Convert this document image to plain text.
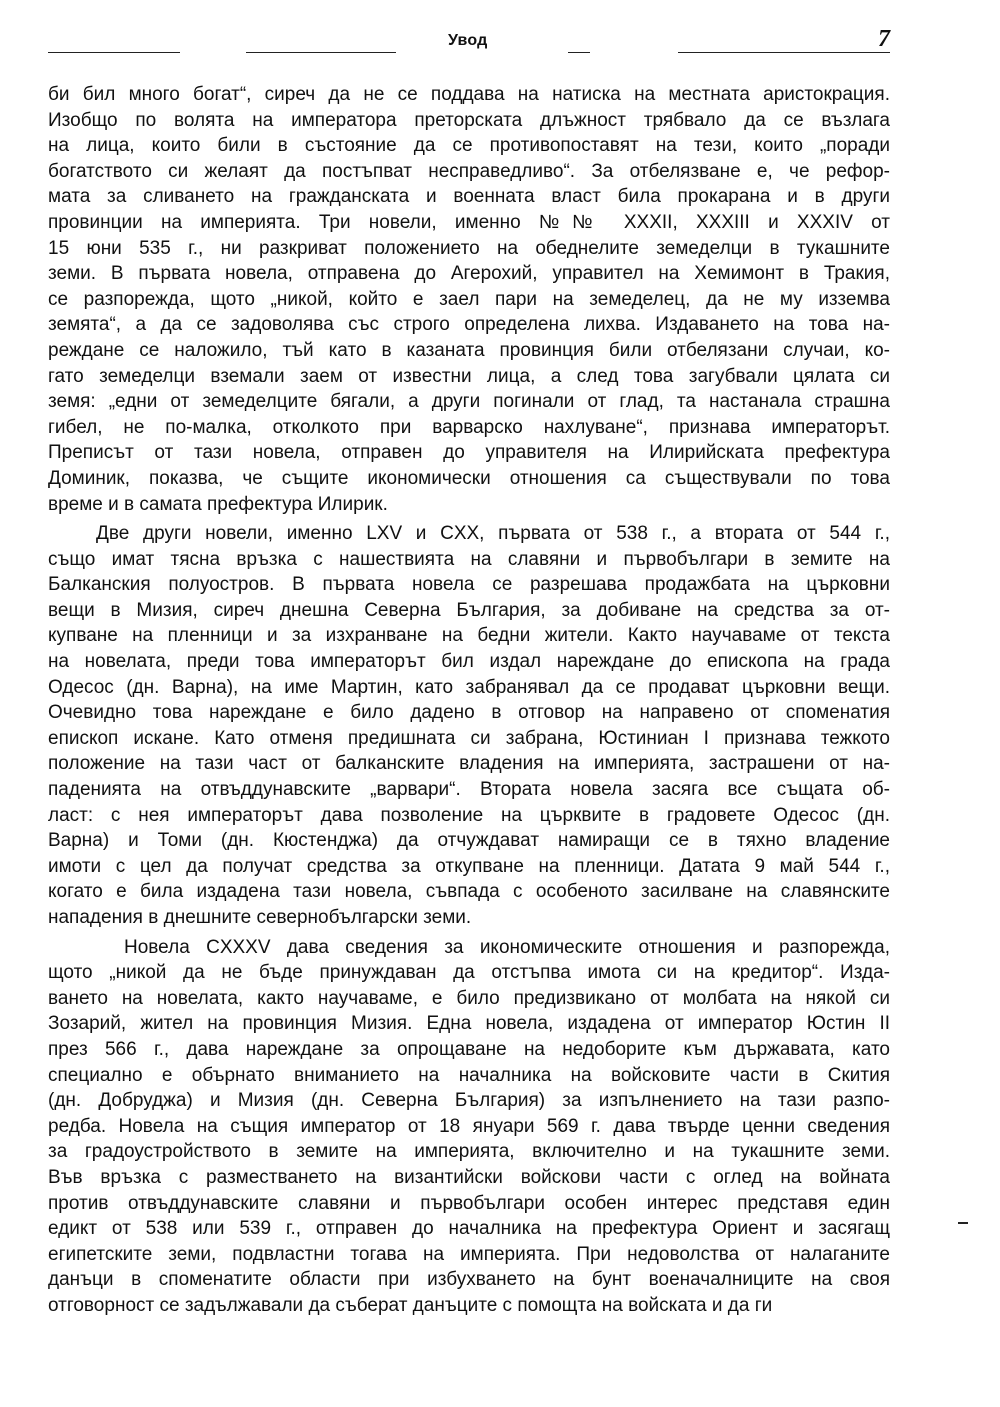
Увод	7
би бил много богат“, сиреч да не се поддава на натиска на местната аристокрация.
Изобщо по волята на императора преторската длъжност трябвало да се възлага
на лица, които били в състояние да се противопоставят на тези, които „поради
богатството си желаят да постъпват несправедливо“. За отбелязване е, че рефор-
мата за сливането на гражданската и военната власт била прокарана и в други
провинции на империята. Три новели, именно №№ XXXII, XXXIII и XXXIV от
15 юни 535 г., ни разкриват положението на обеднелите земеделци в тукашните
земи. В първата новела, отправена до Агерохий, управител на Хемимонт в Тракия,
се разпорежда, щото „никой, който е заел пари на земеделец, да не му изземва
земята“, а да се задоволява със строго определена лихва. Издаването на това на-
реждане се наложило, тъй като в казаната провинция били отбелязани случаи, ко-
гато земеделци вземали заем от известни лица, а след това загубвали цялата си
земя: „едни от земеделците бягали, а други погинали от глад, та настанала страшна
гибел, не по-малка, отколкото при варварско нахлуване“, признава императорът.
Преписът от тази новела, отправен до управителя на Илирийската префектура
Доминик, показва, че същите икономически отношения са съществували по това
време и в самата префектура Илирик.
Две други новели, именно LXV и CXX, първата от 538 г., а втората от 544 г.,
също имат тясна връзка с нашествията на славяни и първобългари в земите на
Балканския полуостров. В първата новела се разрешава продажбата на църковни
вещи в Мизия, сиреч днешна Северна България, за добиване на средства за от-
купване на пленници и за изхранване на бедни жители. Както научаваме от текста
на новелата, преди това императорът бил издал нареждане до епископа на града
Одесос (дн. Варна), на име Мартин, като забранявал да се продават църковни вещи.
Очевидно това нареждане е било дадено в отговор на направено от споменатия
епископ искане. Като отменя предишната си забрана, Юстиниан I признава тежкото
положение на тази част от балканските владения на империята, застрашени от на-
паденията на отвъддунавските „варвари“. Втората новела засяга все същата об-
ласт: с нея императорът дава позволение на църквите в градовете Одесос (дн.
Варна) и Томи (дн. Кюстенджа) да отчуждават намиращи се в тяхно владение
имоти с цел да получат средства за откупване на пленници. Датата 9 май 544 г.,
когато е била издадена тази новела, съвпада с особеното засилване на славянските
нападения в днешните севернобългарски земи.
Новела CXXXV дава сведения за икономическите отношения и разпорежда,
щото „никой да не бъде принуждаван да отстъпва имота си на кредитор“. Изда-
ването на новелата, както научаваме, е било предизвикано от молбата на някой си
Зозарий, жител на провинция Мизия. Една новела, издадена от император Юстин II
през 566 г., дава нареждане за опрощаване на недоборите към държавата, като
специално е обърнато вниманието на началника на войсковите части в Скития
(дн. Добруджа) и Мизия (дн. Северна България) за изпълнението на тази разпо-
редба. Новела на същия император от 18 януари 569 г. дава твърде ценни сведения
за градоустройството в земите на империята, включително и на тукашните земи.
Във връзка с разместването на византийски войскови части с оглед на войната
против отвъддунавските славяни и първобългари особен интерес представя един
едикт от 538 или 539 г., отправен до началника на префектура Ориент и засягащ
египетските земи, подвластни тогава на империята. При недоволства от налаганите
данъци в споменатите области при избухването на бунт военачалниците на своя
отговорност се задължавали да съберат данъците с помощта на войската и да ги
